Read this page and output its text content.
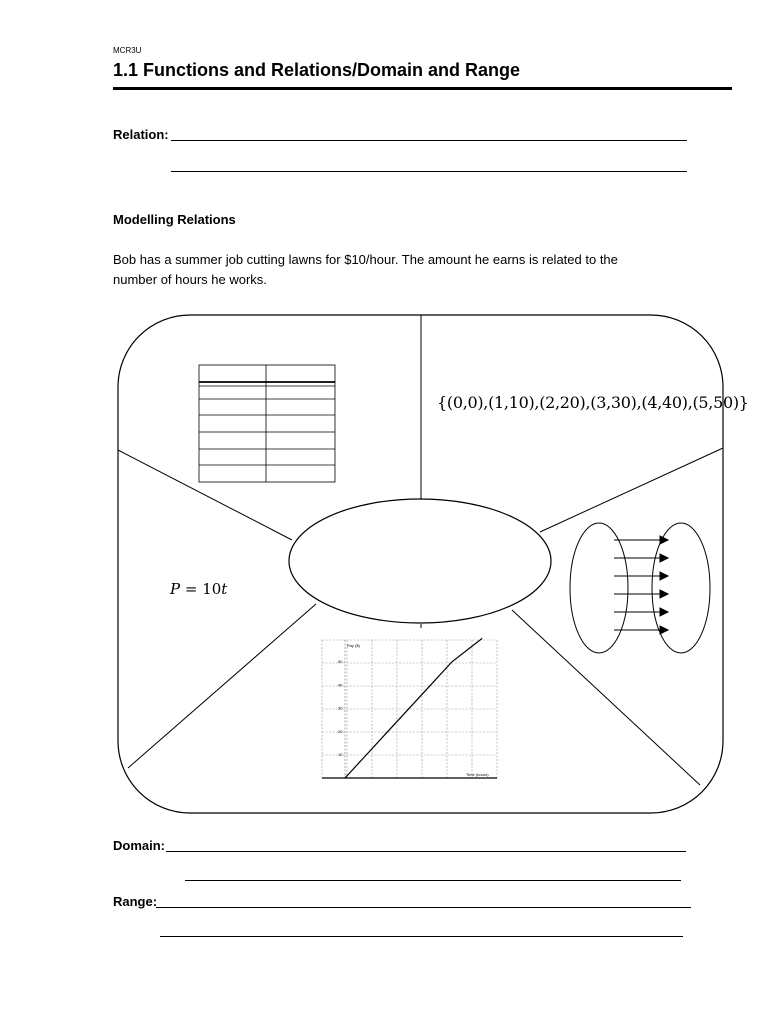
MCR3U
1.1 Functions and Relations/Domain and Range
Relation:
Modelling Relations
Bob has a summer job cutting lawns for $10/hour. The amount he earns is related to the
number of hours he works.
Pay ($)
Time (hours)
50
40
30
20
10
{(0,0),(1,10),(2,20),(3,30),(4,40),(5,50)}
P = 10t
Domain:
Range:
